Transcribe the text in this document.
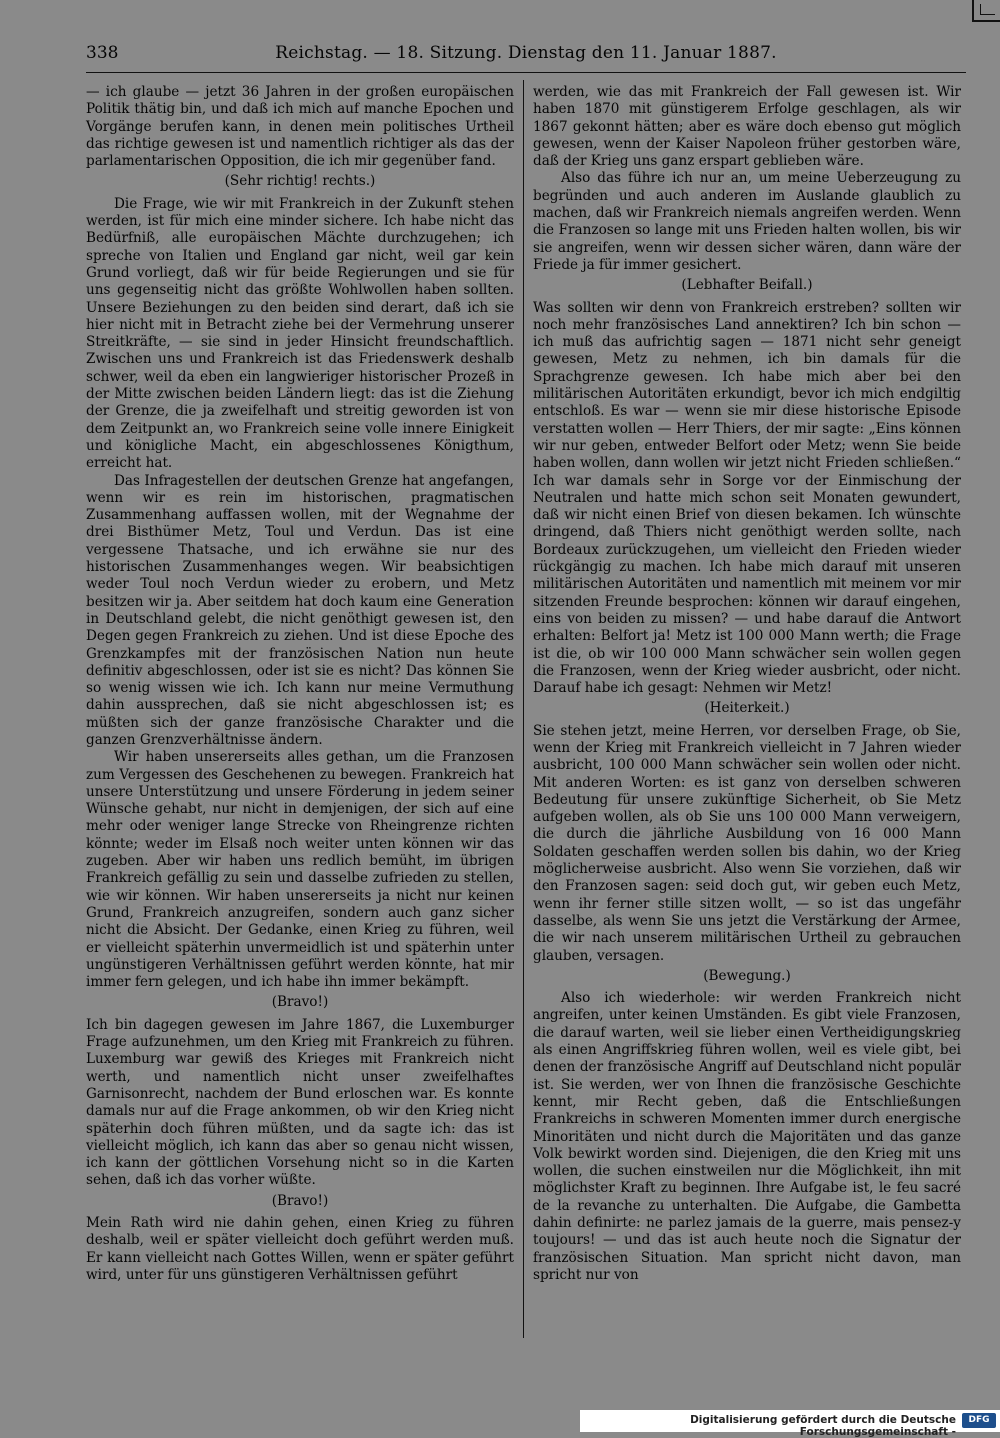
338	Reichstag. — 18. Sitzung. Dienstag den 11. Januar 1887.

— ich glaube — jetzt 36 Jahren in der großen europäischen Politik thätig bin, und daß ich mich auf manche Epochen und Vorgänge berufen kann, in denen mein politisches Urtheil das richtige gewesen ist und namentlich richtiger als das der parlamentarischen Opposition, die ich mir gegenüber fand.

(Sehr richtig! rechts.)

Die Frage, wie wir mit Frankreich in der Zukunft stehen werden, ist für mich eine minder sichere. Ich habe nicht das Bedürfniß, alle europäischen Mächte durchzugehen; ich spreche von Italien und England gar nicht, weil gar kein Grund vorliegt, daß wir für beide Regierungen und sie für uns gegenseitig nicht das größte Wohlwollen haben sollten. Unsere Beziehungen zu den beiden sind derart, daß ich sie hier nicht mit in Betracht ziehe bei der Vermehrung unserer Streitkräfte, — sie sind in jeder Hinsicht freundschaftlich. Zwischen uns und Frankreich ist das Friedenswerk deshalb schwer, weil da eben ein langwieriger historischer Prozeß in der Mitte zwischen beiden Ländern liegt: das ist die Ziehung der Grenze, die ja zweifelhaft und streitig geworden ist von dem Zeitpunkt an, wo Frankreich seine volle innere Einigkeit und königliche Macht, ein abgeschlossenes Königthum, erreicht hat.

Das Infragestellen der deutschen Grenze hat angefangen, wenn wir es rein im historischen, pragmatischen Zusammenhang auffassen wollen, mit der Wegnahme der drei Bisthümer Metz, Toul und Verdun. Das ist eine vergessene Thatsache, und ich erwähne sie nur des historischen Zusammenhanges wegen. Wir beabsichtigen weder Toul noch Verdun wieder zu erobern, und Metz besitzen wir ja. Aber seitdem hat doch kaum eine Generation in Deutschland gelebt, die nicht genöthigt gewesen ist, den Degen gegen Frankreich zu ziehen. Und ist diese Epoche des Grenzkampfes mit der französischen Nation nun heute definitiv abgeschlossen, oder ist sie es nicht? Das können Sie so wenig wissen wie ich. Ich kann nur meine Vermuthung dahin aussprechen, daß sie nicht abgeschlossen ist; es müßten sich der ganze französische Charakter und die ganzen Grenzverhältnisse ändern.

Wir haben unsererseits alles gethan, um die Franzosen zum Vergessen des Geschehenen zu bewegen. Frankreich hat unsere Unterstützung und unsere Förderung in jedem seiner Wünsche gehabt, nur nicht in demjenigen, der sich auf eine mehr oder weniger lange Strecke von Rheingrenze richten könnte; weder im Elsaß noch weiter unten können wir das zugeben. Aber wir haben uns redlich bemüht, im übrigen Frankreich gefällig zu sein und dasselbe zufrieden zu stellen, wie wir können. Wir haben unsererseits ja nicht nur keinen Grund, Frankreich anzugreifen, sondern auch ganz sicher nicht die Absicht. Der Gedanke, einen Krieg zu führen, weil er vielleicht späterhin unvermeidlich ist und späterhin unter ungünstigeren Verhältnissen geführt werden könnte, hat mir immer fern gelegen, und ich habe ihn immer bekämpft.

(Bravo!)

Ich bin dagegen gewesen im Jahre 1867, die Luxemburger Frage aufzunehmen, um den Krieg mit Frankreich zu führen. Luxemburg war gewiß des Krieges mit Frankreich nicht werth, und namentlich nicht unser zweifelhaftes Garnisonrecht, nachdem der Bund erloschen war. Es konnte damals nur auf die Frage ankommen, ob wir den Krieg nicht späterhin doch führen müßten, und da sagte ich: das ist vielleicht möglich, ich kann das aber so genau nicht wissen, ich kann der göttlichen Vorsehung nicht so in die Karten sehen, daß ich das vorher wüßte.

(Bravo!)

Mein Rath wird nie dahin gehen, einen Krieg zu führen deshalb, weil er später vielleicht doch geführt werden muß. Er kann vielleicht nach Gottes Willen, wenn er später geführt wird, unter für uns günstigeren Verhältnissen geführt

werden, wie das mit Frankreich der Fall gewesen ist. Wir haben 1870 mit günstigerem Erfolge geschlagen, als wir 1867 gekonnt hätten; aber es wäre doch ebenso gut möglich gewesen, wenn der Kaiser Napoleon früher gestorben wäre, daß der Krieg uns ganz erspart geblieben wäre.

Also das führe ich nur an, um meine Ueberzeugung zu begründen und auch anderen im Auslande glaublich zu machen, daß wir Frankreich niemals angreifen werden. Wenn die Franzosen so lange mit uns Frieden halten wollen, bis wir sie angreifen, wenn wir dessen sicher wären, dann wäre der Friede ja für immer gesichert.

(Lebhafter Beifall.)

Was sollten wir denn von Frankreich erstreben? sollten wir noch mehr französisches Land annektiren? Ich bin schon — ich muß das aufrichtig sagen — 1871 nicht sehr geneigt gewesen, Metz zu nehmen, ich bin damals für die Sprachgrenze gewesen. Ich habe mich aber bei den militärischen Autoritäten erkundigt, bevor ich mich endgiltig entschloß. Es war — wenn sie mir diese historische Episode verstatten wollen — Herr Thiers, der mir sagte: „Eins können wir nur geben, entweder Belfort oder Metz; wenn Sie beide haben wollen, dann wollen wir jetzt nicht Frieden schließen.“ Ich war damals sehr in Sorge vor der Einmischung der Neutralen und hatte mich schon seit Monaten gewundert, daß wir nicht einen Brief von diesen bekamen. Ich wünschte dringend, daß Thiers nicht genöthigt werden sollte, nach Bordeaux zurückzugehen, um vielleicht den Frieden wieder rückgängig zu machen. Ich habe mich darauf mit unseren militärischen Autoritäten und namentlich mit meinem vor mir sitzenden Freunde besprochen: können wir darauf eingehen, eins von beiden zu missen? — und habe darauf die Antwort erhalten: Belfort ja! Metz ist 100 000 Mann werth; die Frage ist die, ob wir 100 000 Mann schwächer sein wollen gegen die Franzosen, wenn der Krieg wieder ausbricht, oder nicht. Darauf habe ich gesagt: Nehmen wir Metz!

(Heiterkeit.)

Sie stehen jetzt, meine Herren, vor derselben Frage, ob Sie, wenn der Krieg mit Frankreich vielleicht in 7 Jahren wieder ausbricht, 100 000 Mann schwächer sein wollen oder nicht. Mit anderen Worten: es ist ganz von derselben schweren Bedeutung für unsere zukünftige Sicherheit, ob Sie Metz aufgeben wollen, als ob Sie uns 100 000 Mann verweigern, die durch die jährliche Ausbildung von 16 000 Mann Soldaten geschaffen werden sollen bis dahin, wo der Krieg möglicherweise ausbricht. Also wenn Sie vorziehen, daß wir den Franzosen sagen: seid doch gut, wir geben euch Metz, wenn ihr ferner stille sitzen wollt, — so ist das ungefähr dasselbe, als wenn Sie uns jetzt die Verstärkung der Armee, die wir nach unserem militärischen Urtheil zu gebrauchen glauben, versagen.

(Bewegung.)

Also ich wiederhole: wir werden Frankreich nicht angreifen, unter keinen Umständen. Es gibt viele Franzosen, die darauf warten, weil sie lieber einen Vertheidigungskrieg als einen Angriffskrieg führen wollen, weil es viele gibt, bei denen der französische Angriff auf Deutschland nicht populär ist. Sie werden, wer von Ihnen die französische Geschichte kennt, mir Recht geben, daß die Entschließungen Frankreichs in schweren Momenten immer durch energische Minoritäten und nicht durch die Majoritäten und das ganze Volk bewirkt worden sind. Diejenigen, die den Krieg mit uns wollen, die suchen einstweilen nur die Möglichkeit, ihn mit möglichster Kraft zu beginnen. Ihre Aufgabe ist, le feu sacré de la revanche zu unterhalten. Die Aufgabe, die Gambetta dahin definirte: ne parlez jamais de la guerre, mais pensez-y toujours! — und das ist auch heute noch die Signatur der französischen Situation. Man spricht nicht davon, man spricht nur von

Digitalisierung gefördert durch die Deutsche Forschungsgemeinschaft -
DFG
